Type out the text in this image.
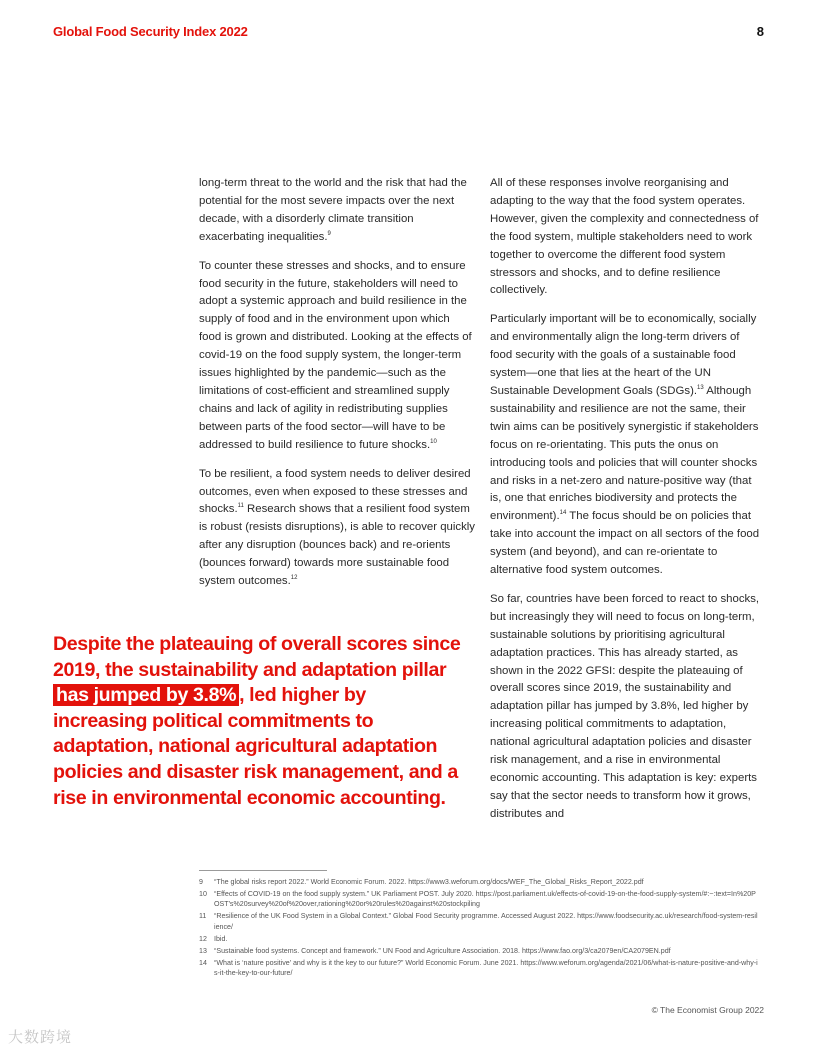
Global Food Security Index 2022	8

long-term threat to the world and the risk that had the potential for the most severe impacts over the next decade, with a disorderly climate transition exacerbating inequalities.$^9$

To counter these stresses and shocks, and to ensure food security in the future, stakeholders will need to adopt a systemic approach and build resilience in the supply of food and in the environment upon which food is grown and distributed. Looking at the effects of covid-19 on the food supply system, the longer-term issues highlighted by the pandemic—such as the limitations of cost-efficient and streamlined supply chains and lack of agility in redistributing supplies between parts of the food sector—will have to be addressed to build resilience to future shocks.$^{10}$

To be resilient, a food system needs to deliver desired outcomes, even when exposed to these stresses and shocks.$^{11}$ Research shows that a resilient food system is robust (resists disruptions), is able to recover quickly after any disruption (bounces back) and re-orients (bounces forward) towards more sustainable food system outcomes.$^{12}$

All of these responses involve reorganising and adapting to the way that the food system operates. However, given the complexity and connectedness of the food system, multiple stakeholders need to work together to overcome the different food system stressors and shocks, and to define resilience collectively.

Particularly important will be to economically, socially and environmentally align the long-term drivers of food security with the goals of a sustainable food system—one that lies at the heart of the UN Sustainable Development Goals (SDGs).$^{13}$ Although sustainability and resilience are not the same, their twin aims can be positively synergistic if stakeholders focus on re-orientating. This puts the onus on introducing tools and policies that will counter shocks and risks in a net-zero and nature-positive way (that is, one that enriches biodiversity and protects the environment).$^{14}$ The focus should be on policies that take into account the impact on all sectors of the food system (and beyond), and can re-orientate to alternative food system outcomes.

So far, countries have been forced to react to shocks, but increasingly they will need to focus on long-term, sustainable solutions by prioritising agricultural adaptation practices. This has already started, as shown in the 2022 GFSI: despite the plateauing of overall scores since 2019, the sustainability and adaptation pillar has jumped by 3.8%, led higher by increasing political commitments to adaptation, national agricultural adaptation policies and disaster risk management, and a rise in environmental economic accounting. This adaptation is key: experts say that the sector needs to transform how it grows, distributes and

Despite the plateauing of overall scores since 2019, the sustainability and adaptation pillar has jumped by 3.8% , led higher by increasing political commitments to adaptation, national agricultural adaptation policies and disaster risk management, and a rise in environmental economic accounting.
9	“The global risks report 2022.” World Economic Forum. 2022. https://www3.weforum.org/docs/WEF_The_Global_Risks_Report_2022.pdf
10	“Effects of COVID-19 on the food supply system.” UK Parliament POST. July 2020. https://post.parliament.uk/effects-of-covid-19-on-the-food-supply-system/#:~:text=In%20POST's%20survey%20of%20over,rationing%20or%20rules%20against%20stockpiling
11	“Resilience of the UK Food System in a Global Context.” Global Food Security programme. Accessed August 2022. https://www.foodsecurity.ac.uk/research/food-system-resilience/
12	Ibid.
13	“Sustainable food systems. Concept and framework.” UN Food and Agriculture Association. 2018. https://www.fao.org/3/ca2079en/CA2079EN.pdf
14	“What is ‘nature positive’ and why is it the key to our future?” World Economic Forum. June 2021. https://www.weforum.org/agenda/2021/06/what-is-nature-positive-and-why-is-it-the-key-to-our-future/
© The Economist Group 2022
大数跨境
